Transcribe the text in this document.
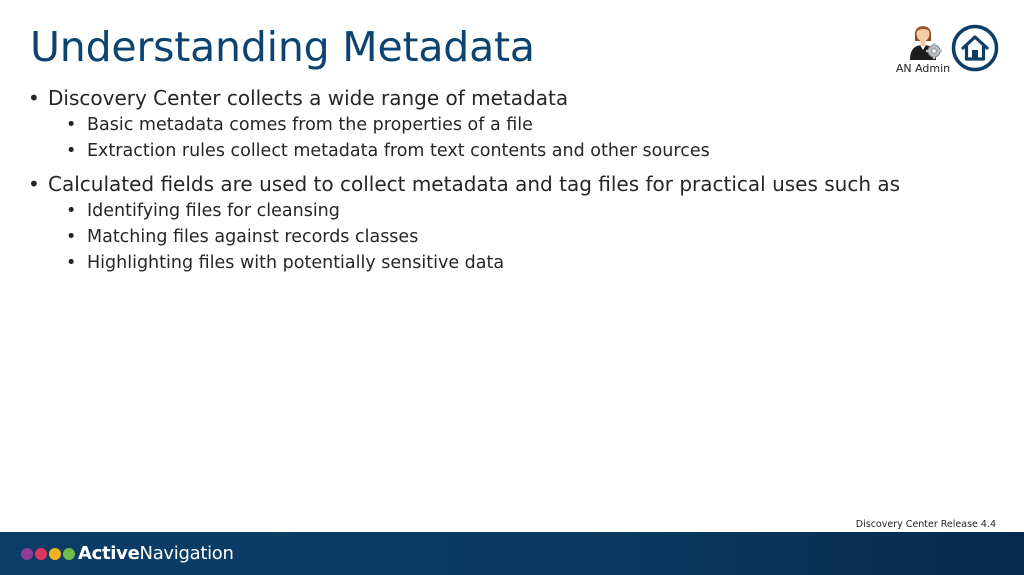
Understanding Metadata
• Discovery Center collects a wide range of metadata
• Basic metadata comes from the properties of a file
• Extraction rules collect metadata from text contents and other sources
• Calculated fields are used to collect metadata and tag files for practical uses such as
• Identifying files for cleansing
• Matching files against records classes
• Highlighting files with potentially sensitive data
AN Admin
Discovery Center Release 4.4
ActiveNavigation
